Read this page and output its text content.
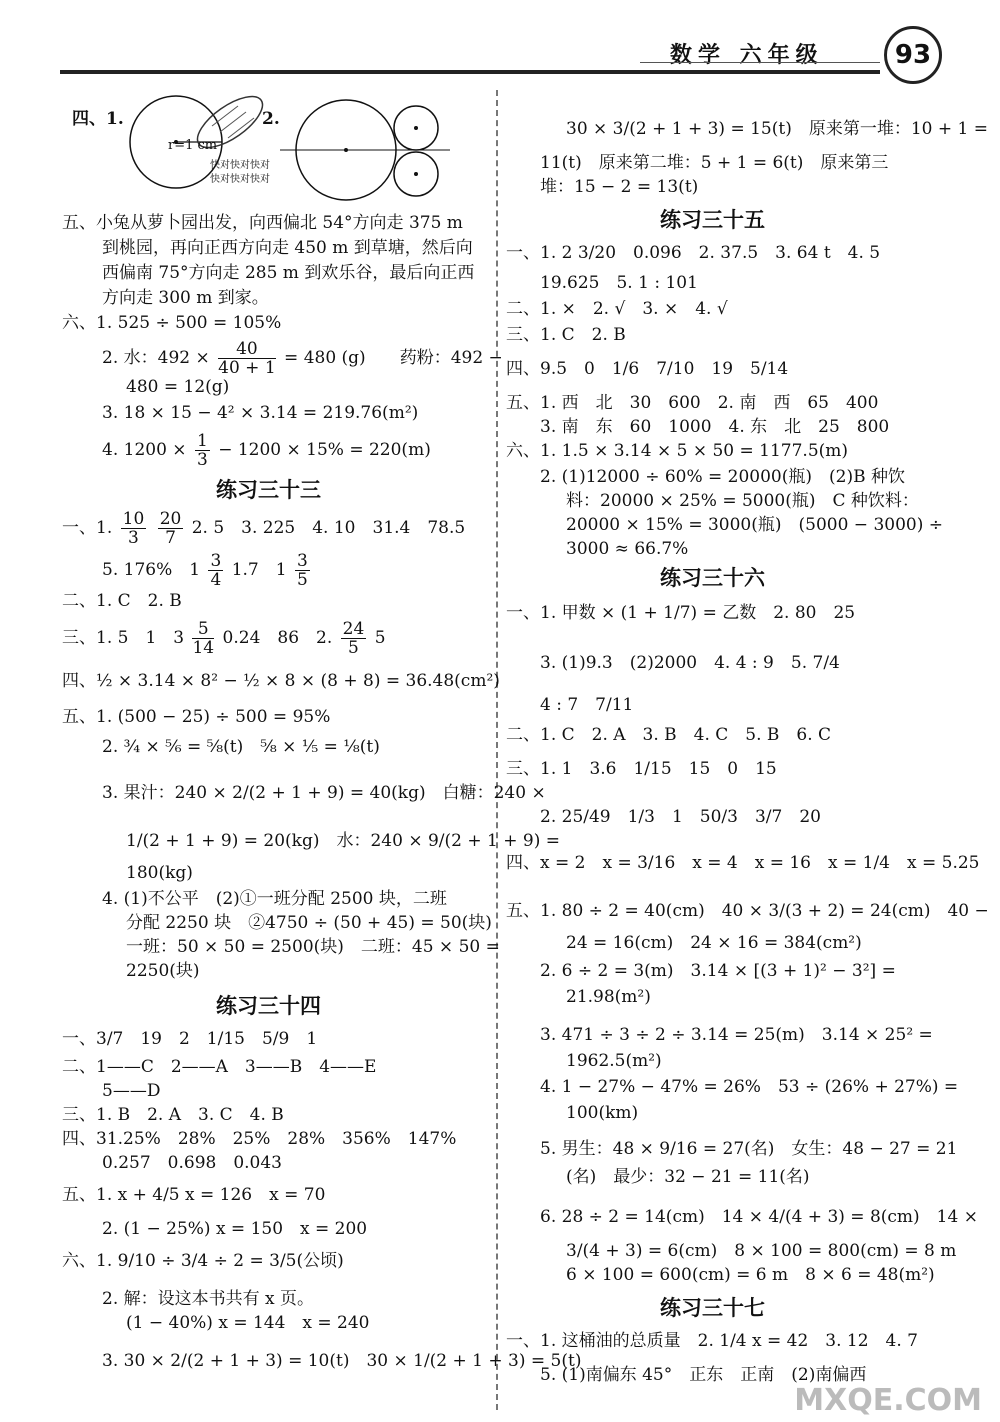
数学 六年级	93
四、1.	2.
r=1 cm
快对快对快对
快对快对快对
五、小兔从萝卜园出发，向西偏北 54°方向走 375 m
到桃园，再向正西方向走 450 m 到草塘，然后向
西偏南 75°方向走 285 m 到欢乐谷，最后向正西
方向走 300 m 到家。
六、1. 525 ÷ 500 = 105%
2. 水：$492 \times \frac{40}{40 + 1} = 480$ (g)　　药粉：492 −
480 = 12(g)
3. 18 × 15 − 4² × 3.14 = 219.76(m²)
4. $1200 \times \frac{1}{3} - 1200 \times 15\% = 220(m)$
练习三十三
一、1. $\frac{10}{3}$
$\frac{20}{7} 2$. 5　3. 225　4. 10　31.4　78.5
5. 176%　$1 \frac{3}{4} 1.7$　$1 \frac{3}{5}$
二、1. C　2. B
三、1. 5　1　$3 \frac{5}{14} 0.24$　86　2. $\frac{24}{5} 5$
四、½ × 3.14 × 8² − ½ × 8 × (8 + 8) = 36.48(cm²)
五、1. (500 − 25) ÷ 500 = 95%
2. ¾ × ⅚ = ⅝(t)　⅝ × ⅕ = ⅛(t)
3. 果汁：240 × 2/(2 + 1 + 9) = 40(kg)　白糖：240 ×
1/(2 + 1 + 9) = 20(kg)　水：240 × 9/(2 + 1 + 9) =
180(kg)
4. (1)不公平　(2)①一班分配 2500 块，二班
分配 2250 块　②4750 ÷ (50 + 45) = 50(块)
一班：50 × 50 = 2500(块)　二班：45 × 50 =
2250(块)
练习三十四
一、3/7　19　2　1/15　5/9　1
二、1——C　2——A　3——B　4——E
5——D
三、1. B　2. A　3. C　4. B
四、31.25%　28%　25%　28%　356%　147%
0.257　0.698　0.043
五、1. x + 4/5 x = 126　x = 70
2. (1 − 25%) x = 150　x = 200
六、1. 9/10 ÷ 3/4 ÷ 2 = 3/5(公顷)
2. 解：设这本书共有 x 页。
(1 − 40%) x = 144　x = 240
3. 30 × 2/(2 + 1 + 3) = 10(t)　30 × 1/(2 + 1 + 3) = 5(t)
30 × 3/(2 + 1 + 3) = 15(t)　原来第一堆：10 + 1 =
11(t)　原来第二堆：5 + 1 = 6(t)　原来第三
堆：15 − 2 = 13(t)
练习三十五
一、1. 2 3/20　0.096　2. 37.5　3. 64 t　4. 5
19.625　5. 1 : 101
二、1. ×　2. √　3. ×　4. √
三、1. C　2. B
四、9.5　0　1/6　7/10　19　5/14
五、1. 西　北　30　600　2. 南　西　65　400
3. 南　东　60　1000　4. 东　北　25　800
六、1. 1.5 × 3.14 × 5 × 50 = 1177.5(m)
2. (1)12000 ÷ 60% = 20000(瓶)　(2)B 种饮
料：20000 × 25% = 5000(瓶)　C 种饮料：
20000 × 15% = 3000(瓶)　(5000 − 3000) ÷
3000 ≈ 66.7%
练习三十六
一、1. 甲数 × (1 + 1/7) = 乙数　2. 80　25
3. (1)9.3　(2)2000　4. 4 : 9　5. 7/4
4 : 7　7/11
二、1. C　2. A　3. B　4. C　5. B　6. C
三、1. 1　3.6　1/15　15　0　15
2. 25/49　1/3　1　50/3　3/7　20
四、x = 2　x = 3/16　x = 4　x = 16　x = 1/4　x = 5.25
五、1. 80 ÷ 2 = 40(cm)　40 × 3/(3 + 2) = 24(cm)　40 −
24 = 16(cm)　24 × 16 = 384(cm²)
2. 6 ÷ 2 = 3(m)　3.14 × [(3 + 1)² − 3²] =
21.98(m²)
3. 471 ÷ 3 ÷ 2 ÷ 3.14 = 25(m)　3.14 × 25² =
1962.5(m²)
4. 1 − 27% − 47% = 26%　53 ÷ (26% + 27%) =
100(km)
5. 男生：48 × 9/16 = 27(名)　女生：48 − 27 = 21
(名)　最少：32 − 21 = 11(名)
6. 28 ÷ 2 = 14(cm)　14 × 4/(4 + 3) = 8(cm)　14 ×
3/(4 + 3) = 6(cm)　8 × 100 = 800(cm) = 8 m
6 × 100 = 600(cm) = 6 m　8 × 6 = 48(m²)
练习三十七
一、1. 这桶油的总质量　2. 1/4 x = 42　3. 12　4. 7
5. (1)南偏东 45°　正东　正南　(2)南偏西
MXQE.COM
